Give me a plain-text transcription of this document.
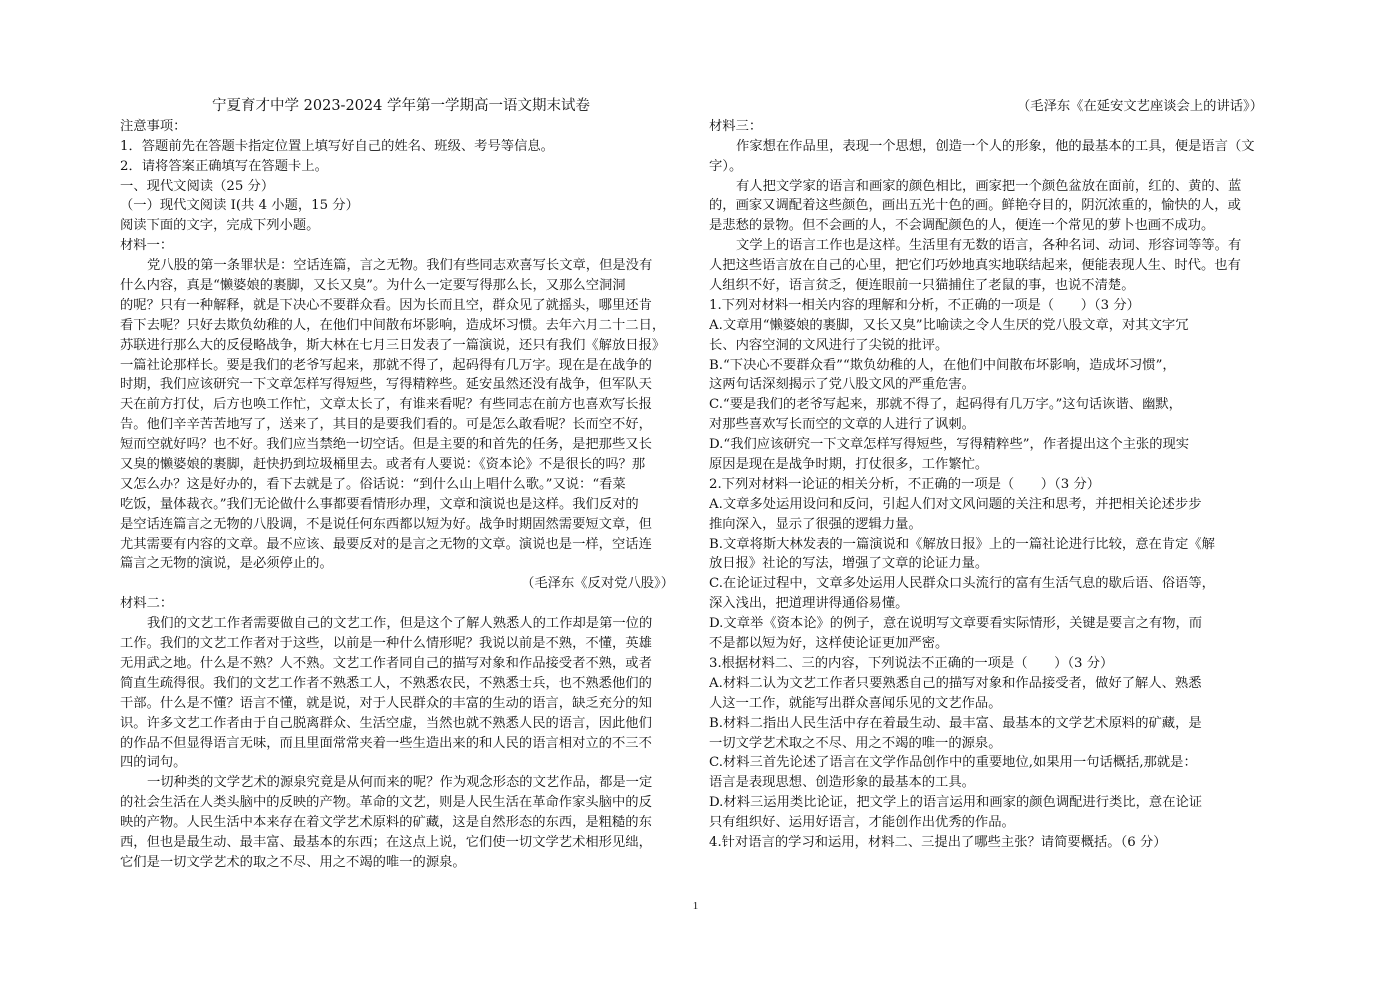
宁夏育才中学 2023-2024 学年第一学期高一语文期末试卷
注意事项：
1．答题前先在答题卡指定位置上填写好自己的姓名、班级、考号等信息。
2．请将答案正确填写在答题卡上。
一、现代文阅读（25 分）
（一）现代文阅读 I(共 4 小题，15 分）
阅读下面的文字，完成下列小题。
材料一：
党八股的第一条罪状是：空话连篇，言之无物。我们有些同志欢喜写长文章，但是没有
什么内容，真是“懒婆娘的裹脚，又长又臭”。为什么一定要写得那么长，又那么空洞洞
的呢？只有一种解释，就是下决心不要群众看。因为长而且空，群众见了就摇头，哪里还肯
看下去呢？只好去欺负幼稚的人，在他们中间散布坏影响，造成坏习惯。去年六月二十二日，
苏联进行那么大的反侵略战争，斯大林在七月三日发表了一篇演说，还只有我们《解放日报》
一篇社论那样长。要是我们的老爷写起来，那就不得了，起码得有几万字。现在是在战争的
时期，我们应该研究一下文章怎样写得短些，写得精粹些。延安虽然还没有战争，但军队天
天在前方打仗，后方也唤工作忙，文章太长了，有谁来看呢？有些同志在前方也喜欢写长报
告。他们辛辛苦苦地写了，送来了，其目的是要我们看的。可是怎么敢看呢？长而空不好，
短而空就好吗？也不好。我们应当禁绝一切空话。但是主要的和首先的任务，是把那些又长
又臭的懒婆娘的裹脚，赶快扔到垃圾桶里去。或者有人要说：《资本论》不是很长的吗？那
又怎么办？这是好办的，看下去就是了。俗话说：“到什么山上唱什么歌。”又说：“看菜
吃饭，量体裁衣。”我们无论做什么事都要看情形办理，文章和演说也是这样。我们反对的
是空话连篇言之无物的八股调，不是说任何东西都以短为好。战争时期固然需要短文章，但
尤其需要有内容的文章。最不应该、最要反对的是言之无物的文章。演说也是一样，空话连
篇言之无物的演说，是必须停止的。
（毛泽东《反对党八股》）
材料二：
我们的文艺工作者需要做自己的文艺工作，但是这个了解人熟悉人的工作却是第一位的
工作。我们的文艺工作者对于这些，以前是一种什么情形呢？我说以前是不熟，不懂，英雄
无用武之地。什么是不熟？人不熟。文艺工作者同自己的描写对象和作品接受者不熟，或者
简直生疏得很。我们的文艺工作者不熟悉工人，不熟悉农民，不熟悉士兵，也不熟悉他们的
干部。什么是不懂？语言不懂，就是说，对于人民群众的丰富的生动的语言，缺乏充分的知
识。许多文艺工作者由于自己脱离群众、生活空虚，当然也就不熟悉人民的语言，因此他们
的作品不但显得语言无味，而且里面常常夹着一些生造出来的和人民的语言相对立的不三不
四的词句。
一切种类的文学艺术的源泉究竟是从何而来的呢？作为观念形态的文艺作品，都是一定
的社会生活在人类头脑中的反映的产物。革命的文艺，则是人民生活在革命作家头脑中的反
映的产物。人民生活中本来存在着文学艺术原料的矿藏，这是自然形态的东西，是粗糙的东
西，但也是最生动、最丰富、最基本的东西；在这点上说，它们使一切文学艺术相形见绌，
它们是一切文学艺术的取之不尽、用之不竭的唯一的源泉。
（毛泽东《在延安文艺座谈会上的讲话》）
材料三：
作家想在作品里，表现一个思想，创造一个人的形象，他的最基本的工具，便是语言（文
字）。
有人把文学家的语言和画家的颜色相比，画家把一个颜色盆放在面前，红的、黄的、蓝
的，画家又调配着这些颜色，画出五光十色的画。鲜艳夺目的，阴沉浓重的，愉快的人，或
是悲愁的景物。但不会画的人，不会调配颜色的人，便连一个常见的萝卜也画不成功。
文学上的语言工作也是这样。生活里有无数的语言，各种名词、动词、形容词等等。有
人把这些语言放在自己的心里，把它们巧妙地真实地联结起来，便能表现人生、时代。也有
人组织不好，语言贫乏，便连眼前一只猫捕住了老鼠的事，也说不清楚。
1.下列对材料一相关内容的理解和分析，不正确的一项是（　　）（3 分）
A.文章用“懒婆娘的裹脚，又长又臭”比喻读之令人生厌的党八股文章，对其文字冗
长、内容空洞的文风进行了尖锐的批评。
B.“下决心不要群众看”“欺负幼稚的人，在他们中间散布坏影响，造成坏习惯”，
这两句话深刻揭示了党八股文风的严重危害。
C.“要是我们的老爷写起来，那就不得了，起码得有几万字。”这句话诙谐、幽默，
对那些喜欢写长而空的文章的人进行了讽刺。
D.“我们应该研究一下文章怎样写得短些，写得精粹些”，作者提出这个主张的现实
原因是现在是战争时期，打仗很多，工作繁忙。
2.下列对材料一论证的相关分析，不正确的一项是（　　）（3 分）
A.文章多处运用设问和反问，引起人们对文风问题的关注和思考，并把相关论述步步
推向深入，显示了很强的逻辑力量。
B.文章将斯大林发表的一篇演说和《解放日报》上的一篇社论进行比较，意在肯定《解
放日报》社论的写法，增强了文章的论证力量。
C.在论证过程中，文章多处运用人民群众口头流行的富有生活气息的歇后语、俗语等，
深入浅出，把道理讲得通俗易懂。
D.文章举《资本论》的例子，意在说明写文章要看实际情形，关键是要言之有物，而
不是都以短为好，这样使论证更加严密。
3.根据材料二、三的内容，下列说法不正确的一项是（　　）（3 分）
A.材料二认为文艺工作者只要熟悉自己的描写对象和作品接受者，做好了解人、熟悉
人这一工作，就能写出群众喜闻乐见的文艺作品。
B.材料二指出人民生活中存在着最生动、最丰富、最基本的文学艺术原料的矿藏，是
一切文学艺术取之不尽、用之不竭的唯一的源泉。
C.材料三首先论述了语言在文学作品创作中的重要地位,如果用一句话概括,那就是：
语言是表现思想、创造形象的最基本的工具。
D.材料三运用类比论证，把文学上的语言运用和画家的颜色调配进行类比，意在论证
只有组织好、运用好语言，才能创作出优秀的作品。
4.针对语言的学习和运用，材料二、三提出了哪些主张？请简要概括。（6 分）
1
